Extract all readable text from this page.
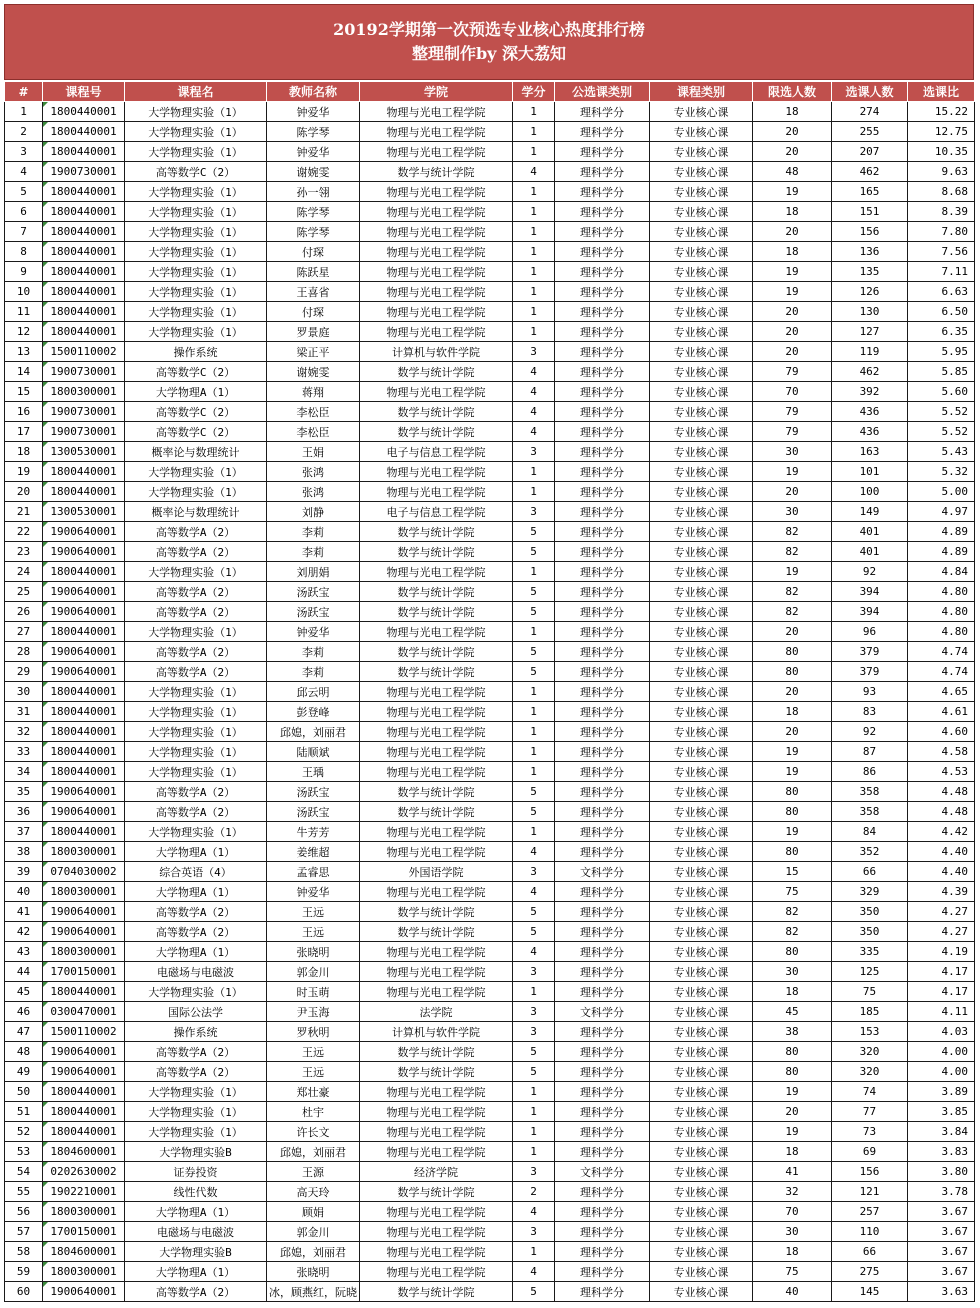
20192学期第一次预选专业核心热度排行榜
整理制作by 深大荔知
#	课程号	课程名	教师名称	学院	学分	公选课类别	课程类别	限选人数	选课人数	选课比
1	1800440001	大学物理实验（1）	钟爱华	物理与光电工程学院	1	理科学分	专业核心课	18	274	15.22
2	1800440001	大学物理实验（1）	陈学琴	物理与光电工程学院	1	理科学分	专业核心课	20	255	12.75
3	1800440001	大学物理实验（1）	钟爱华	物理与光电工程学院	1	理科学分	专业核心课	20	207	10.35
4	1900730001	高等数学C（2）	谢婉雯	数学与统计学院	4	理科学分	专业核心课	48	462	9.63
5	1800440001	大学物理实验（1）	孙一翎	物理与光电工程学院	1	理科学分	专业核心课	19	165	8.68
6	1800440001	大学物理实验（1）	陈学琴	物理与光电工程学院	1	理科学分	专业核心课	18	151	8.39
7	1800440001	大学物理实验（1）	陈学琴	物理与光电工程学院	1	理科学分	专业核心课	20	156	7.80
8	1800440001	大学物理实验（1）	付琛	物理与光电工程学院	1	理科学分	专业核心课	18	136	7.56
9	1800440001	大学物理实验（1）	陈跃星	物理与光电工程学院	1	理科学分	专业核心课	19	135	7.11
10	1800440001	大学物理实验（1）	王喜省	物理与光电工程学院	1	理科学分	专业核心课	19	126	6.63
11	1800440001	大学物理实验（1）	付琛	物理与光电工程学院	1	理科学分	专业核心课	20	130	6.50
12	1800440001	大学物理实验（1）	罗景庭	物理与光电工程学院	1	理科学分	专业核心课	20	127	6.35
13	1500110002	操作系统	梁正平	计算机与软件学院	3	理科学分	专业核心课	20	119	5.95
14	1900730001	高等数学C（2）	谢婉雯	数学与统计学院	4	理科学分	专业核心课	79	462	5.85
15	1800300001	大学物理A（1）	蒋翔	物理与光电工程学院	4	理科学分	专业核心课	70	392	5.60
16	1900730001	高等数学C（2）	李松臣	数学与统计学院	4	理科学分	专业核心课	79	436	5.52
17	1900730001	高等数学C（2）	李松臣	数学与统计学院	4	理科学分	专业核心课	79	436	5.52
18	1300530001	概率论与数理统计	王娟	电子与信息工程学院	3	理科学分	专业核心课	30	163	5.43
19	1800440001	大学物理实验（1）	张鸿	物理与光电工程学院	1	理科学分	专业核心课	19	101	5.32
20	1800440001	大学物理实验（1）	张鸿	物理与光电工程学院	1	理科学分	专业核心课	20	100	5.00
21	1300530001	概率论与数理统计	刘静	电子与信息工程学院	3	理科学分	专业核心课	30	149	4.97
22	1900640001	高等数学A（2）	李莉	数学与统计学院	5	理科学分	专业核心课	82	401	4.89
23	1900640001	高等数学A（2）	李莉	数学与统计学院	5	理科学分	专业核心课	82	401	4.89
24	1800440001	大学物理实验（1）	刘朋娟	物理与光电工程学院	1	理科学分	专业核心课	19	92	4.84
25	1900640001	高等数学A（2）	汤跃宝	数学与统计学院	5	理科学分	专业核心课	82	394	4.80
26	1900640001	高等数学A（2）	汤跃宝	数学与统计学院	5	理科学分	专业核心课	82	394	4.80
27	1800440001	大学物理实验（1）	钟爱华	物理与光电工程学院	1	理科学分	专业核心课	20	96	4.80
28	1900640001	高等数学A（2）	李莉	数学与统计学院	5	理科学分	专业核心课	80	379	4.74
29	1900640001	高等数学A（2）	李莉	数学与统计学院	5	理科学分	专业核心课	80	379	4.74
30	1800440001	大学物理实验（1）	邱云明	物理与光电工程学院	1	理科学分	专业核心课	20	93	4.65
31	1800440001	大学物理实验（1）	彭登峰	物理与光电工程学院	1	理科学分	专业核心课	18	83	4.61
32	1800440001	大学物理实验（1）	邱媳，刘丽君	物理与光电工程学院	1	理科学分	专业核心课	20	92	4.60
33	1800440001	大学物理实验（1）	陆顺斌	物理与光电工程学院	1	理科学分	专业核心课	19	87	4.58
34	1800440001	大学物理实验（1）	王瑀	物理与光电工程学院	1	理科学分	专业核心课	19	86	4.53
35	1900640001	高等数学A（2）	汤跃宝	数学与统计学院	5	理科学分	专业核心课	80	358	4.48
36	1900640001	高等数学A（2）	汤跃宝	数学与统计学院	5	理科学分	专业核心课	80	358	4.48
37	1800440001	大学物理实验（1）	牛芳芳	物理与光电工程学院	1	理科学分	专业核心课	19	84	4.42
38	1800300001	大学物理A（1）	姜维超	物理与光电工程学院	4	理科学分	专业核心课	80	352	4.40
39	0704030002	综合英语（4）	孟睿思	外国语学院	3	文科学分	专业核心课	15	66	4.40
40	1800300001	大学物理A（1）	钟爱华	物理与光电工程学院	4	理科学分	专业核心课	75	329	4.39
41	1900640001	高等数学A（2）	王远	数学与统计学院	5	理科学分	专业核心课	82	350	4.27
42	1900640001	高等数学A（2）	王远	数学与统计学院	5	理科学分	专业核心课	82	350	4.27
43	1800300001	大学物理A（1）	张晓明	物理与光电工程学院	4	理科学分	专业核心课	80	335	4.19
44	1700150001	电磁场与电磁波	郭金川	物理与光电工程学院	3	理科学分	专业核心课	30	125	4.17
45	1800440001	大学物理实验（1）	时玉萌	物理与光电工程学院	1	理科学分	专业核心课	18	75	4.17
46	0300470001	国际公法学	尹玉海	法学院	3	文科学分	专业核心课	45	185	4.11
47	1500110002	操作系统	罗秋明	计算机与软件学院	3	理科学分	专业核心课	38	153	4.03
48	1900640001	高等数学A（2）	王远	数学与统计学院	5	理科学分	专业核心课	80	320	4.00
49	1900640001	高等数学A（2）	王远	数学与统计学院	5	理科学分	专业核心课	80	320	4.00
50	1800440001	大学物理实验（1）	郑壮豪	物理与光电工程学院	1	理科学分	专业核心课	19	74	3.89
51	1800440001	大学物理实验（1）	杜宇	物理与光电工程学院	1	理科学分	专业核心课	20	77	3.85
52	1800440001	大学物理实验（1）	许长文	物理与光电工程学院	1	理科学分	专业核心课	19	73	3.84
53	1804600001	大学物理实验B	邱媳，刘丽君	物理与光电工程学院	1	理科学分	专业核心课	18	69	3.83
54	0202630002	证券投资	王源	经济学院	3	文科学分	专业核心课	41	156	3.80
55	1902210001	线性代数	高天玲	数学与统计学院	2	理科学分	专业核心课	32	121	3.78
56	1800300001	大学物理A（1）	顾娟	物理与光电工程学院	4	理科学分	专业核心课	70	257	3.67
57	1700150001	电磁场与电磁波	郭金川	物理与光电工程学院	3	理科学分	专业核心课	30	110	3.67
58	1804600001	大学物理实验B	邱媳，刘丽君	物理与光电工程学院	1	理科学分	专业核心课	18	66	3.67
59	1800300001	大学物理A（1）	张晓明	物理与光电工程学院	4	理科学分	专业核心课	75	275	3.67
60	1900640001	高等数学A（2）	冰，顾燕红，阮晓	数学与统计学院	5	理科学分	专业核心课	40	145	3.63
